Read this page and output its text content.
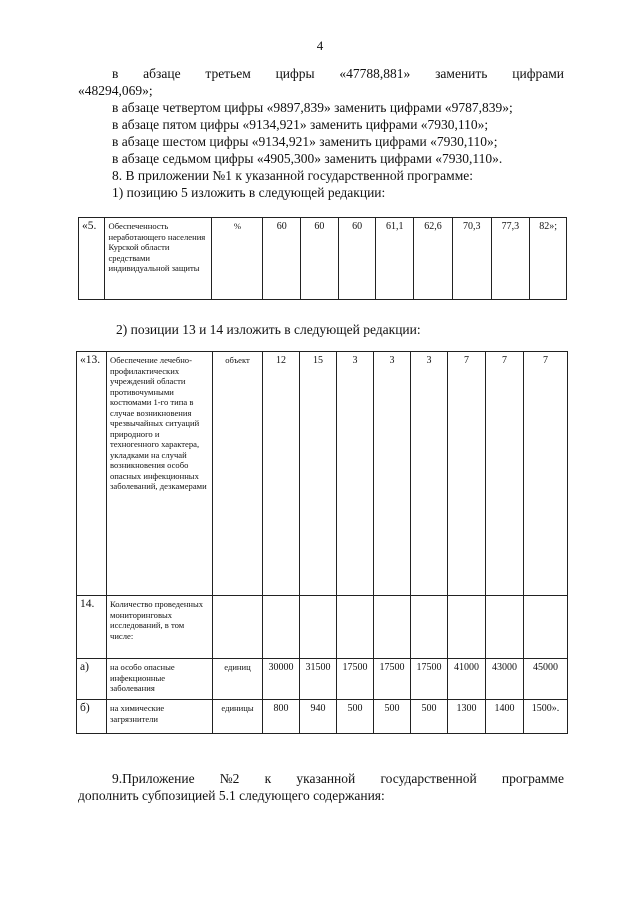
4
в абзаце третьем цифры «47788,881» заменить цифрами
«48294,069»;
в абзаце четвертом цифры «9897,839» заменить цифрами «9787,839»;
в абзаце пятом цифры «9134,921» заменить цифрами «7930,110»;
в абзаце шестом цифры «9134,921» заменить цифрами «7930,110»;
в абзаце седьмом цифры «4905,300» заменить цифрами «7930,110».
8. В приложении №1 к указанной государственной программе:
1) позицию 5 изложить в следующей редакции:
«5.	Обеспеченность неработающего населения Курской области средствами индивидуальной защиты	%	60	60	60	61,1	62,6	70,3	77,3	82»;
2) позиции 13 и 14 изложить в следующей редакции:
«13.	Обеспечение лечебно-профилактических учреждений области противочумными костюмами 1-го типа в случае возникновения чрезвычайных ситуаций природного и техногенного характера, укладками на случай возникновения особо опасных инфекционных заболеваний, дезкамерами	объект	12	15	3	3	3	7	7	7
14.	Количество проведенных мониторинговых исследований, в том числе:									
а)	на особо опасные инфекционные заболевания	единиц	30000	31500	17500	17500	17500	41000	43000	45000
б)	на химические загрязнители	единицы	800	940	500	500	500	1300	1400	1500».
9.Приложение №2 к указанной государственной программе
дополнить субпозицией 5.1 следующего содержания:
